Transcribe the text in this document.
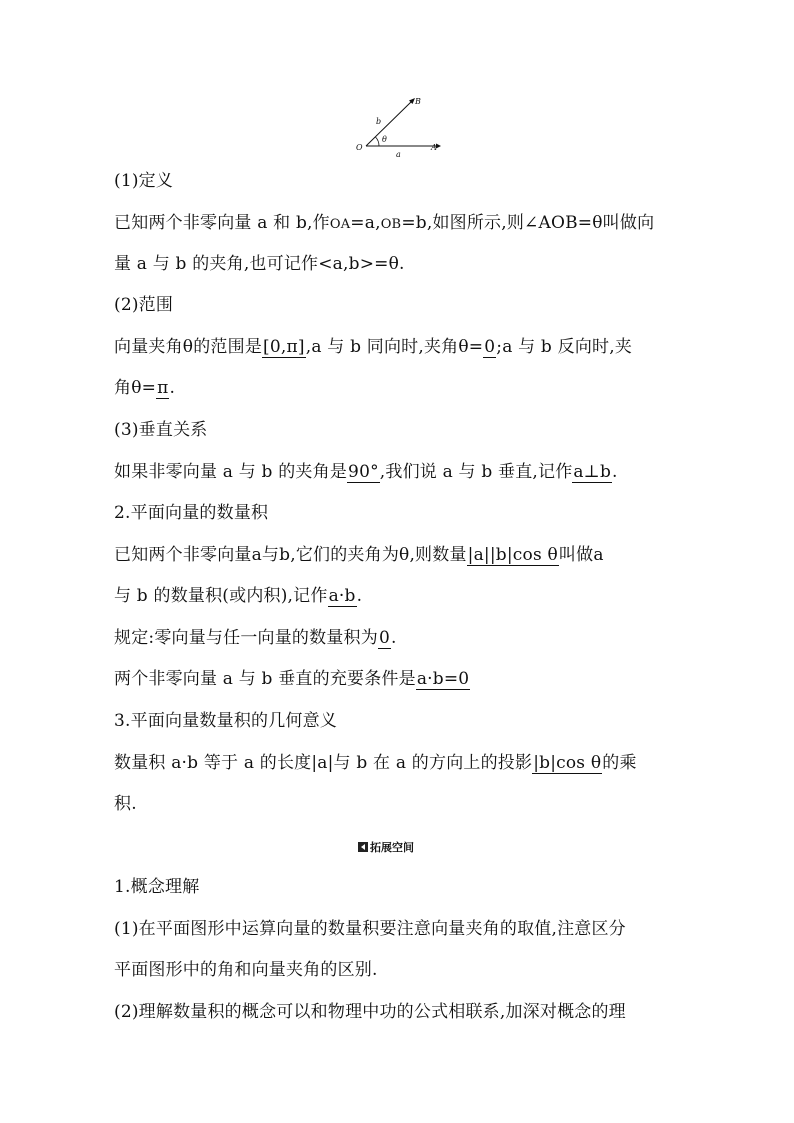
O	A
B
a
b
θ
(1)定义
已知两个非零向量 a 和 b,作OA=a,OB=b,如图所示,则∠AOB=θ叫做向
量 a 与 b 的夹角,也可记作<a,b>=θ.
(2)范围
向量夹角θ的范围是[0,π],a 与 b 同向时,夹角θ=0;a 与 b 反向时,夹
角θ=π.
(3)垂直关系
如果非零向量 a 与 b 的夹角是90°,我们说 a 与 b 垂直,记作a⊥b.
2.平面向量的数量积
已知两个非零向量a与b,它们的夹角为θ,则数量|a||b|cos θ叫做a
与 b 的数量积(或内积),记作a·b.
规定:零向量与任一向量的数量积为0.
两个非零向量 a 与 b 垂直的充要条件是a·b=0
3.平面向量数量积的几何意义
数量积 a·b 等于 a 的长度|a|与 b 在 a 的方向上的投影|b|cos θ的乘
积.
拓展空间
1.概念理解
(1)在平面图形中运算向量的数量积要注意向量夹角的取值,注意区分
平面图形中的角和向量夹角的区别.
(2)理解数量积的概念可以和物理中功的公式相联系,加深对概念的理
